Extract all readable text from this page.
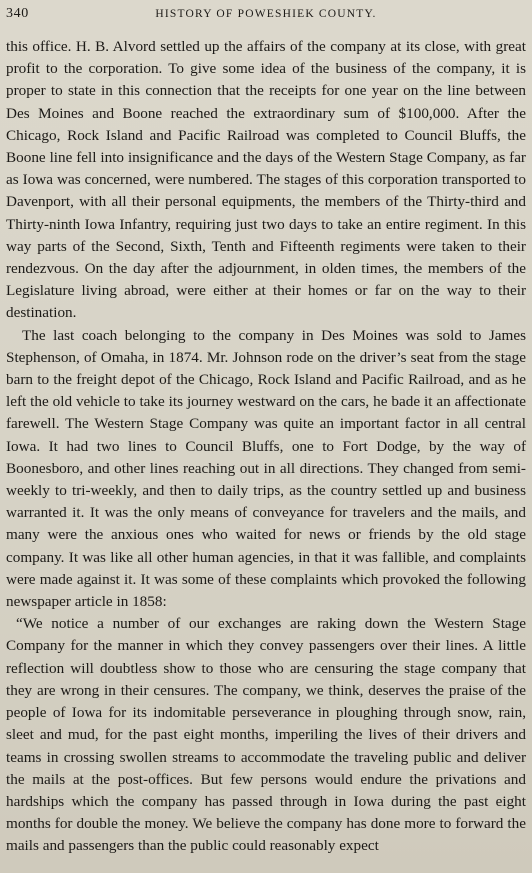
340	HISTORY OF POWESHIEK COUNTY.

this office. H. B. Alvord settled up the affairs of the company at its close, with great profit to the corporation. To give some idea of the business of the company, it is proper to state in this connection that the receipts for one year on the line between Des Moines and Boone reached the extraordinary sum of $100,000. After the Chicago, Rock Island and Pacific Railroad was completed to Council Bluffs, the Boone line fell into insignificance and the days of the Western Stage Company, as far as Iowa was concerned, were numbered. The stages of this corporation transported to Davenport, with all their personal equipments, the members of the Thirty-third and Thirty-ninth Iowa Infantry, requiring just two days to take an entire regiment. In this way parts of the Second, Sixth, Tenth and Fifteenth regiments were taken to their rendezvous. On the day after the adjournment, in olden times, the members of the Legislature living abroad, were either at their homes or far on the way to their destination.

The last coach belonging to the company in Des Moines was sold to James Stephenson, of Omaha, in 1874. Mr. Johnson rode on the driver’s seat from the stage barn to the freight depot of the Chicago, Rock Island and Pacific Railroad, and as he left the old vehicle to take its journey westward on the cars, he bade it an affectionate farewell. The Western Stage Company was quite an important factor in all central Iowa. It had two lines to Council Bluffs, one to Fort Dodge, by the way of Boonesboro, and other lines reaching out in all directions. They changed from semi-weekly to tri-weekly, and then to daily trips, as the country settled up and business warranted it. It was the only means of conveyance for travelers and the mails, and many were the anxious ones who waited for news or friends by the old stage company. It was like all other human agencies, in that it was fallible, and complaints were made against it. It was some of these complaints which provoked the following newspaper article in 1858:

“We notice a number of our exchanges are raking down the Western Stage Company for the manner in which they convey passengers over their lines. A little reflection will doubtless show to those who are censuring the stage company that they are wrong in their censures. The company, we think, deserves the praise of the people of Iowa for its indomitable perseverance in ploughing through snow, rain, sleet and mud, for the past eight months, imperiling the lives of their drivers and teams in crossing swollen streams to accommodate the traveling public and deliver the mails at the post-offices. But few persons would endure the privations and hardships which the company has passed through in Iowa during the past eight months for double the money. We believe the company has done more to forward the mails and passengers than the public could reasonably expect
